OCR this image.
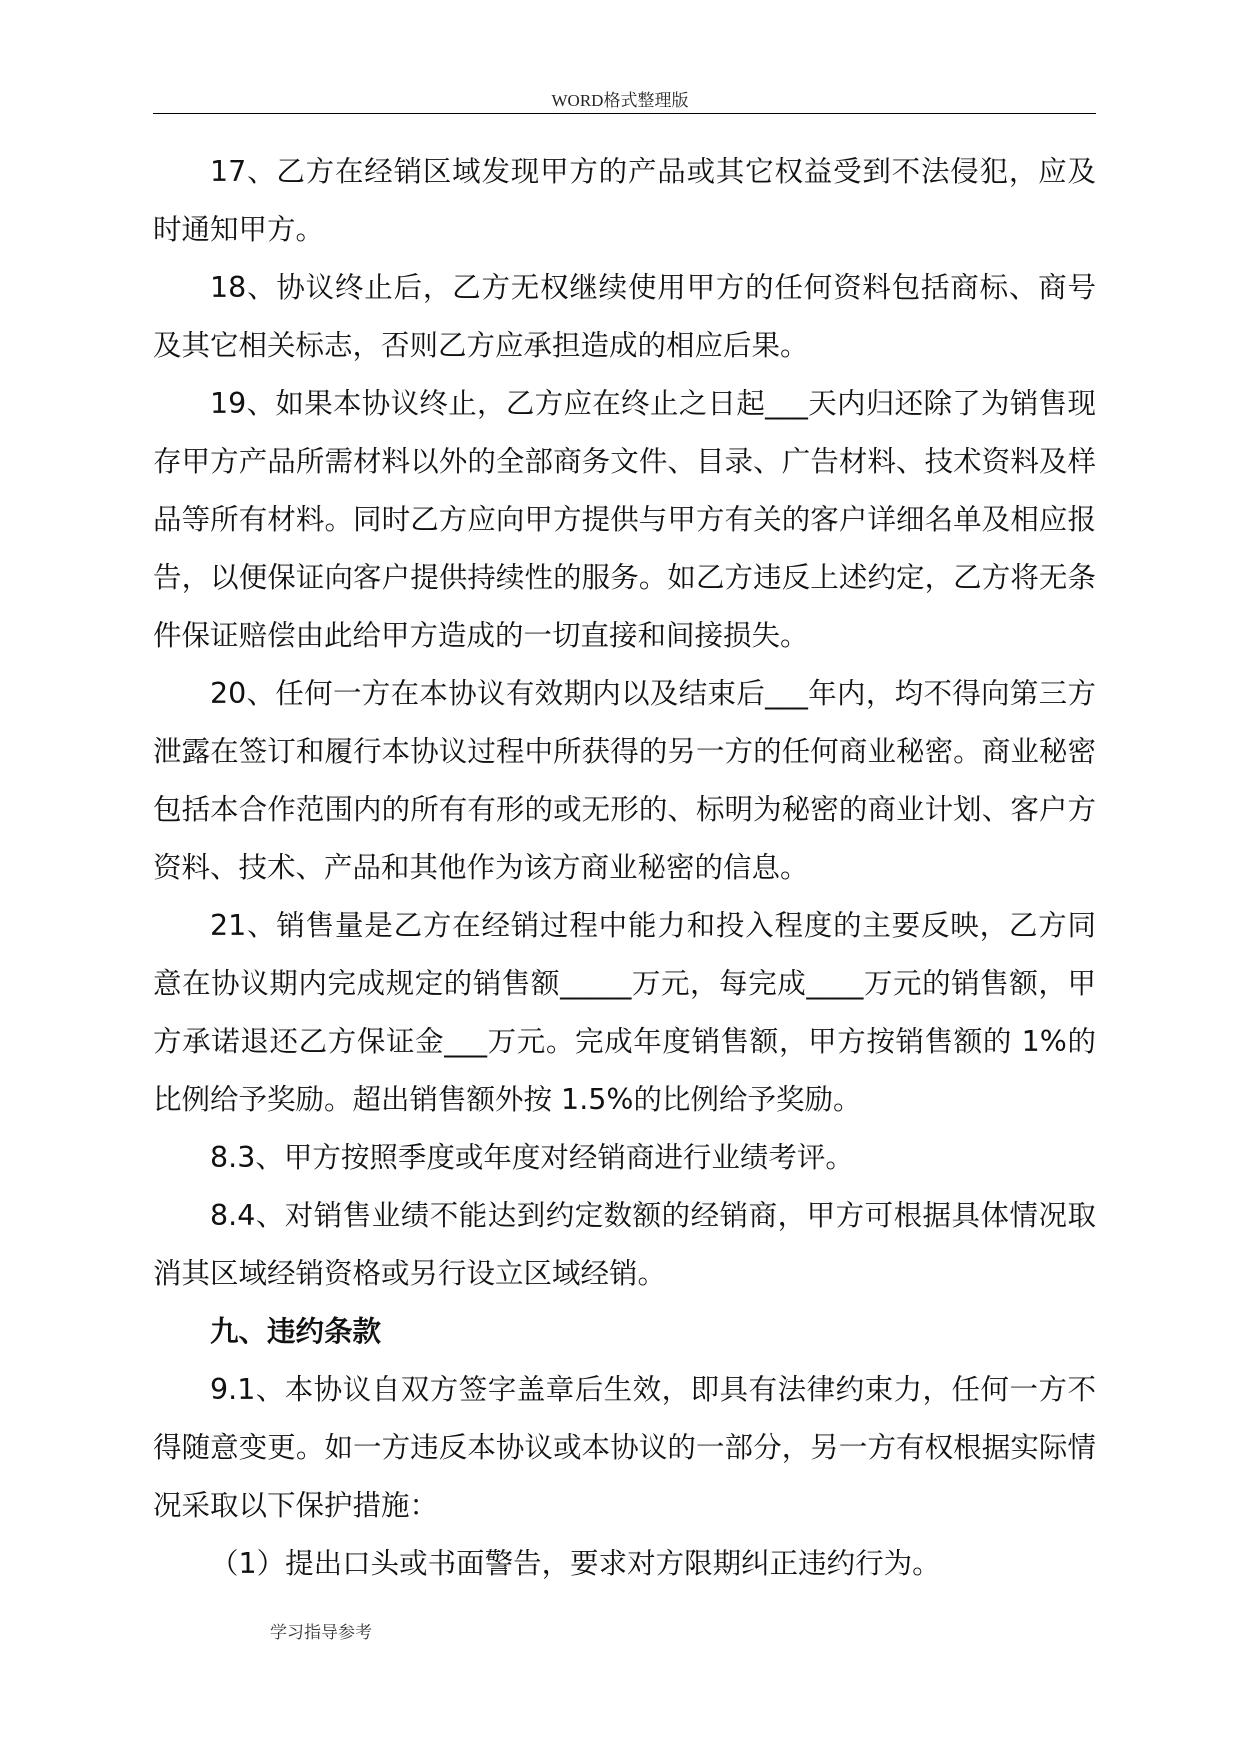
WORD格式整理版

17、乙方在经销区域发现甲方的产品或其它权益受到不法侵犯，应及时通知甲方。

18、协议终止后，乙方无权继续使用甲方的任何资料包括商标、商号及其它相关标志，否则乙方应承担造成的相应后果。

19、如果本协议终止，乙方应在终止之日起___天内归还除了为销售现存甲方产品所需材料以外的全部商务文件、目录、广告材料、技术资料及样品等所有材料。同时乙方应向甲方提供与甲方有关的客户详细名单及相应报告，以便保证向客户提供持续性的服务。如乙方违反上述约定，乙方将无条件保证赔偿由此给甲方造成的一切直接和间接损失。

20、任何一方在本协议有效期内以及结束后___年内，均不得向第三方泄露在签订和履行本协议过程中所获得的另一方的任何商业秘密。商业秘密包括本合作范围内的所有有形的或无形的、标明为秘密的商业计划、客户方资料、技术、产品和其他作为该方商业秘密的信息。

21、销售量是乙方在经销过程中能力和投入程度的主要反映，乙方同意在协议期内完成规定的销售额_____万元，每完成____万元的销售额，甲方承诺退还乙方保证金___万元。完成年度销售额，甲方按销售额的 1%的比例给予奖励。超出销售额外按 1.5%的比例给予奖励。

8.3、甲方按照季度或年度对经销商进行业绩考评。

8.4、对销售业绩不能达到约定数额的经销商，甲方可根据具体情况取消其区域经销资格或另行设立区域经销。

九、违约条款

9.1、本协议自双方签字盖章后生效，即具有法律约束力，任何一方不得随意变更。如一方违反本协议或本协议的一部分，另一方有权根据实际情况采取以下保护措施：

（1）提出口头或书面警告，要求对方限期纠正违约行为。

学习指导参考
